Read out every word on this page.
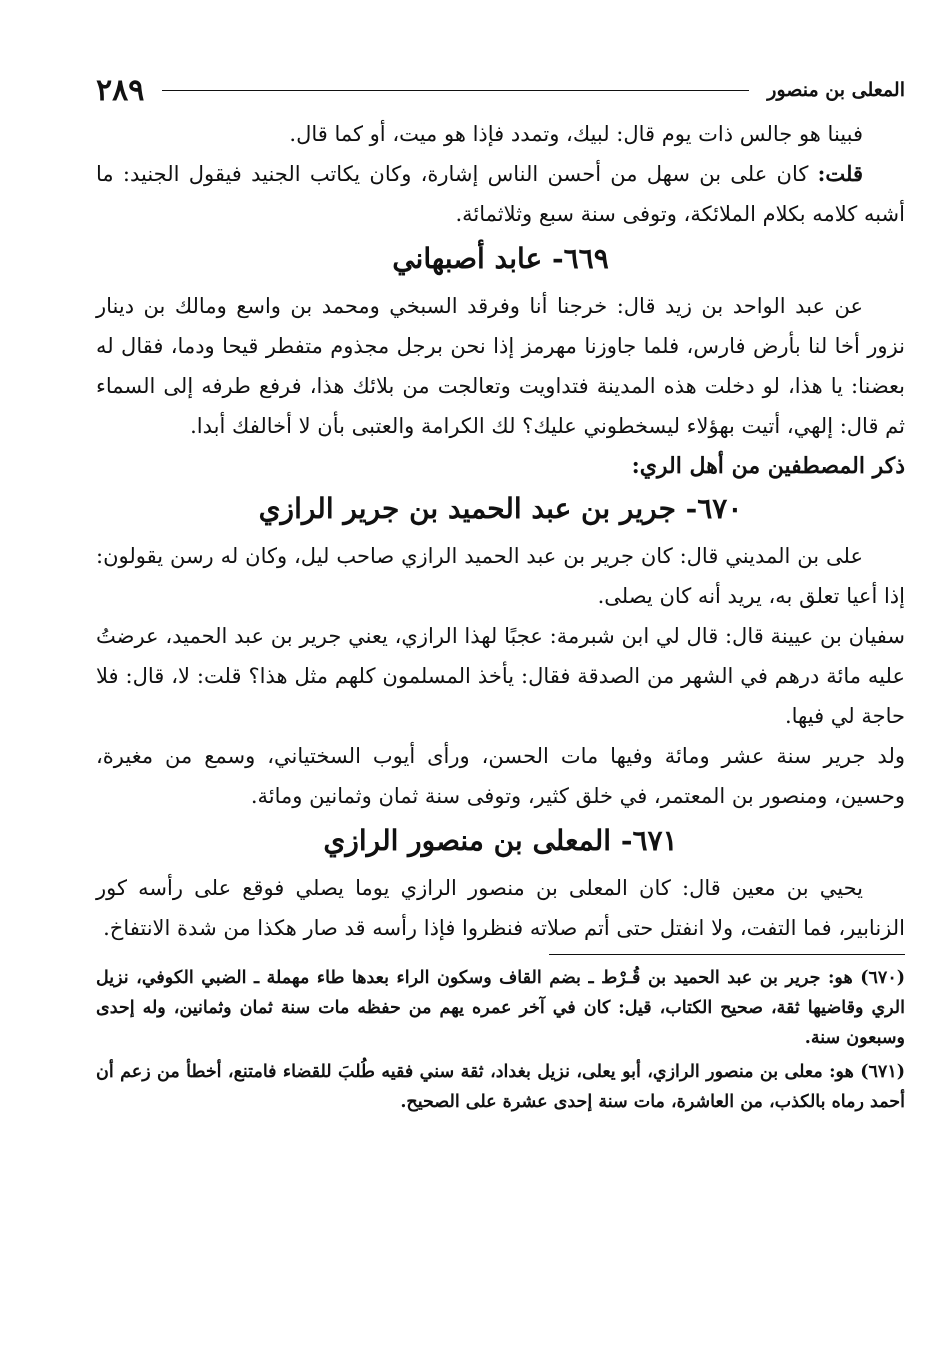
المعلى بن منصور
٢٨٩

فبينا هو جالس ذات يوم قال: لبيك، وتمدد فإذا هو ميت، أو كما قال.

قلت: كان على بن سهل من أحسن الناس إشارة، وكان يكاتب الجنيد فيقول الجنيد: ما أشبه كلامه بكلام الملائكة، وتوفى سنة سبع وثلاثمائة.

٦٦٩- عابد أصبهاني

عن عبد الواحد بن زيد قال: خرجنا أنا وفرقد السبخي ومحمد بن واسع ومالك بن دينار نزور أخا لنا بأرض فارس، فلما جاوزنا مهرمز إذا نحن برجل مجذوم متفطر قيحا ودما، فقال له بعضنا: يا هذا، لو دخلت هذه المدينة فتداويت وتعالجت من بلائك هذا، فرفع طرفه إلى السماء ثم قال: إلهي، أتيت بهؤلاء ليسخطوني عليك؟ لك الكرامة والعتبى بأن لا أخالفك أبدا.

ذكر المصطفين من أهل الري:
٦٧٠- جرير بن عبد الحميد بن جرير الرازي

على بن المديني قال: كان جرير بن عبد الحميد الرازي صاحب ليل، وكان له رسن يقولون: إذا أعيا تعلق به، يريد أنه كان يصلى.

سفيان بن عيينة قال: قال لي ابن شبرمة: عجبًا لهذا الرازي، يعني جرير بن عبد الحميد، عرضتُ عليه مائة درهم في الشهر من الصدقة فقال: يأخذ المسلمون كلهم مثل هذا؟ قلت: لا، قال: فلا حاجة لي فيها.

ولد جرير سنة عشر ومائة وفيها مات الحسن، ورأى أيوب السختياني، وسمع من مغيرة، وحسين، ومنصور بن المعتمر، في خلق كثير، وتوفى سنة ثمان وثمانين ومائة.

٦٧١- المعلى بن منصور الرازي

يحيي بن معين قال: كان المعلى بن منصور الرازي يوما يصلي فوقع على رأسه كور الزنابير، فما التفت، ولا انفتل حتى أتم صلاته فنظروا فإذا رأسه قد صار هكذا من شدة الانتفاخ.

(٦٧٠) هو: جرير بن عبد الحميد بن قُـرْط ـ بضم القاف وسكون الراء بعدها طاء مهملة ـ الضبي الكوفي، نزيل الري وقاضيها ثقة، صحيح الكتاب، قيل: كان في آخر عمره يهم من حفظه مات سنة ثمان وثمانين، وله إحدى وسبعون سنة.

(٦٧١) هو: معلى بن منصور الرازي، أبو يعلى، نزيل بغداد، ثقة سني فقيه طُلبَ للقضاء فامتنع، أخطأ من زعم أن أحمد رماه بالكذب، من العاشرة، مات سنة إحدى عشرة على الصحيح.
